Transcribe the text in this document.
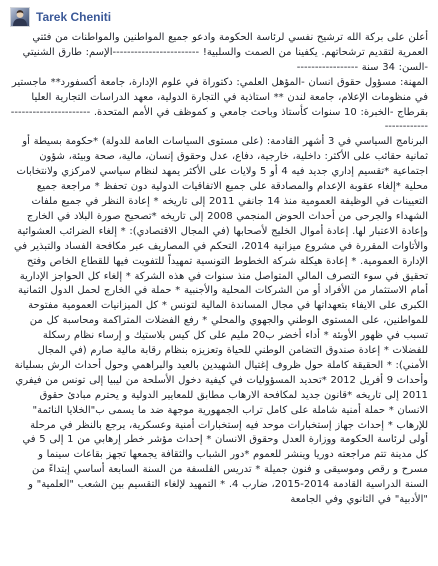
Tarek Cheniti

أعلن على بركة الله ترشيح نفسي لرئاسة الحكومة وادعو جميع المواطنين والمواطنات من فئتي العمرية لتقديم ترشحاتهم. يكفينا من الصمت والسلبية! ------------------------الإسم: طارق الشنيتي -السن: 34 سنة -----------------

المهنة: مسؤول حقوق انسان -المؤهل العلمي: دكتوراة في علوم الإدارة، جامعة أكسفورد** ماجستير في منظومات الإعلام، جامعة لندن ** استاذية في التجارة الدولية، معهد الدراسات التجارية العليا بقرطاج -الخبرة: 10 سنوات كأستاذ وباحث جامعي و كموظف في الأمم المتحدة. ----------------------------------

البرنامج السياسي في 3 أشهر القادمة: (على مستوى السياسات العامة للدولة) *حكومة بسيطة أو ثمانية حقائب على الأكثر: داخلية، خارجية، دفاع، عدل وحقوق إنسان، مالية، صحة وبيئة، شؤون اجتماعية *تقسيم إداري جديد فيه 4 أو 5 ولايات على الأكثر يمهد لنظام سياسي لامركزي ولانتخابات محلية *إلغاء عقوبة الإعدام والمصادقة على جميع الاتفاقيات الدولية دون تحفظ * مراجعة جميع التعيينات في الوظيفة العمومية منذ 14 جانفي 2011 إلى تاريخه * إعادة النظر في جميع ملفات الشهداء والجرحى من أحداث الحوض المنجمي 2008 إلى تاريخه *تصحيح صورة البلاد في الخارج وإعادة الاعتبار لها. إعادة أموال الخليج لأصحابها (في المجال الاقتصادي): * إلغاء الضرائب العشوائية والأتاوات المقررة في مشروع ميزانية 2014، التحكم في المصاريف عبر مكافحة الفساد والتبذير في الإدارة العمومية. * إعادة هيكلة شركة الخطوط التونسية تمهيداً للتفويت فيها للقطاع الخاص وفتح تحقيق في سوء التصرف المالي المتواصل منذ سنوات في هذه الشركة * إلغاء كل الحواجز الإدارية أمام الاستثمار من الأفراد أو من الشركات المحلية والأجنبية * حملة في الخارج لحمل الدول الثمانية الكبرى على الايفاء بتعهداتها في مجال المساندة المالية لتونس * كل الميزانيات العمومية مفتوحة للمواطنين، على المستوى الوطني والجهوي والمحلي * رفع الفضلات المتراكمة ومحاسبة كل من تسبب في ظهور الأوبئة * أداء أخضر ب20 مليم على كل كيس بلاستيك و إرساء نظام رسكلة للفضلات * إعادة صندوق التضامن الوطني للحياة وتعزيزه بنظام رقابة مالية صارم (في المجال الأمني): * الحقيقة كاملة حول ظروف إغتيال الشهيدين بالعيد والبراهمي وحول أحداث الرش بسليانة وأحداث 9 أفريل 2012 *تحديد المسؤوليات في كيفية دخول الأسلحة من ليبيا إلى تونس من فيفري 2011 إلى تاريخه *قانون جديد لمكافحة الارهاب مطابق للمعايير الدولية و يحترم مبادئ حقوق الانسان * حملة أمنية شاملة على كامل تراب الجمهورية موجهة ضد ما يسمى ب"الخلايا النائمة" للإرهاب * إحداث جهاز إستخبارات موحد فيه إستخبارات أمنية وعسكرية، يرجع بالنظر في مرحلة أولى لرئاسة الحكومة ووزارة العدل وحقوق الانسان * إحداث مؤشر خطر إرهابي من 1 إلى 5 في كل مدينة تتم مراجعته دوريا وينشر للعموم *دور الشباب والثقافة يجمعها تجهز بقاعات سينما و مسرح و رقص وموسيقى و فنون جميلة * تدريس الفلسفة من السنة السابعة أساسي إبتداءً من السنة الدراسية القادمة 2014-2015، ضارب 4. * التمهيد لإلغاء التقسيم بين الشعب "العلمية" و "الأدبية" في الثانوي وفي الجامعة
